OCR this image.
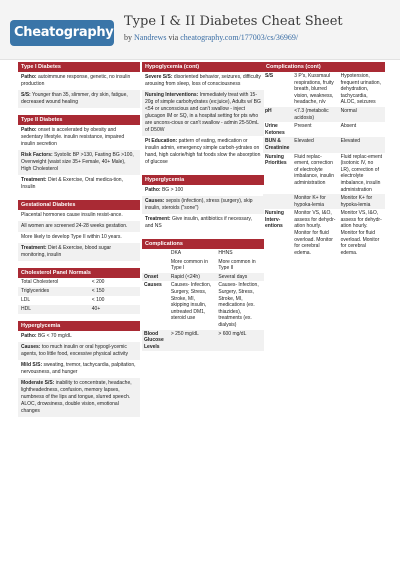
Cheatography
Type I & II Diabetes Cheat Sheet
by Nandrews via cheatography.com/177003/cs/36969/
Type I Diabetes

Patho: autoimmune response, genetic, no insulin production

S/S: Younger than 35, slimmer, dry skin, fatigue, decreased wound healing

Type II Diabetes

Patho: onset is accelerated by obesity and sedentary lifestyle. insulin resistance, impaired insulin secretion

Risk Factors: Systolic BP >130, Fasting BG >100, Overweight (waist size 35+ Female, 40+ Male), High Cholesterol

Treatment: Diet & Exercise, Oral medica‐tion, Insulin

Gestational Diabetes

Placental hormones cause insulin resist‐ance.

All women are screened 24-28 weeks gestation.

More likely to develop Type II within 10 years.

Treatment: Diet & Exercise, blood sugar monitoring, insulin

Cholesterol Panel Normals
Total Cholesterol	< 200
Triglycerides	< 150
LDL	< 100
HDL	40+
Hyperglycemia

Patho: BG < 70 mg/dL

Causes: too much insulin or oral hypogl‐ycemic agents, too little food, excessive physical activity

Mild S/S: sweating, tremor, tachycardia, palpitation, nervousness, and hunger

Moderate S/S: inability to concentrate, headache, lightheadedness, confusion, memory lapses, numbness of the lips and tongue, slurred speech. ALOC, drowsiness, double vision, emotional changes

Hypoglycemia (cont)

Severe S/S: disoriented behavior, seizures, difficulty arousing from sleep, loss of consciousness

Nursing Interventions: Immediately treat with 15-20g of simple carbohydrates (ex:juice), Adults w/ BG <54 or unconscious and can't swallow - inject glucagon IM or SQ, in a hospital setting for pts who are uncons‐cious or can't swallow - admin 25-50mL of D50W

Pt Education: pattern of eating, medication or insulin admin, emergency simple carboh‐ydrates on hand, high calorie/high fat foods slow the absorption of glucose

Hyperglycemia

Patho: BG > 100

Causes: sepsis (infection), stress (surgery), skip insulin, steroids ("sone")

Treatment: Give insulin, antibiotics if necessary, and NS

Complications
	DKA	HHNS
	More common in Type I	More common in Type II
Onset	Rapid (<24h)	Several days
Causes	Causes- Infection, Surgery, Stress, Stroke, MI, skipping insulin, untreated DM1, steroid use	Causes- Infection, Surgery, Stress, Stroke, MI, medications (ex. thiazides), treatments (ex. dialysis)
Blood Glucose Levels	> 250 mg/dL	> 600 mg/dL
Complications (cont)
S/S	3 P's, Kussmaul respirations, fruity breath, blurred vision, weakness, headache, n/v	Hypotension, frequent urination, dehydration, tachycardia, ALOC, seizures
pH	<7.3 (metabolic acidosis)	Normal
Urine Ketones	Present	Absent
BUN & Creatinine	Elevated	Elevated
Nursing Priorities	Fluid replac‐ement, correction of electrolyte imbalance, insulin administration	Fluid replac‐ement (isotonic IV, no LR), correction of electrolyte imbalance, insulin administration
	Monitor K+ for hypoka‐lemia	Monitor K+ for hypoka‐lemia
Nursing Interv‐entions	Monitor VS, I&O, assess for dehydr‐ation hourly. Monitor for fluid overload. Monitor for cerebral edema.	Monitor VS, I&O, assess for dehydr‐ation hourly. Monitor for fluid overload. Monitor for cerebral edema.
